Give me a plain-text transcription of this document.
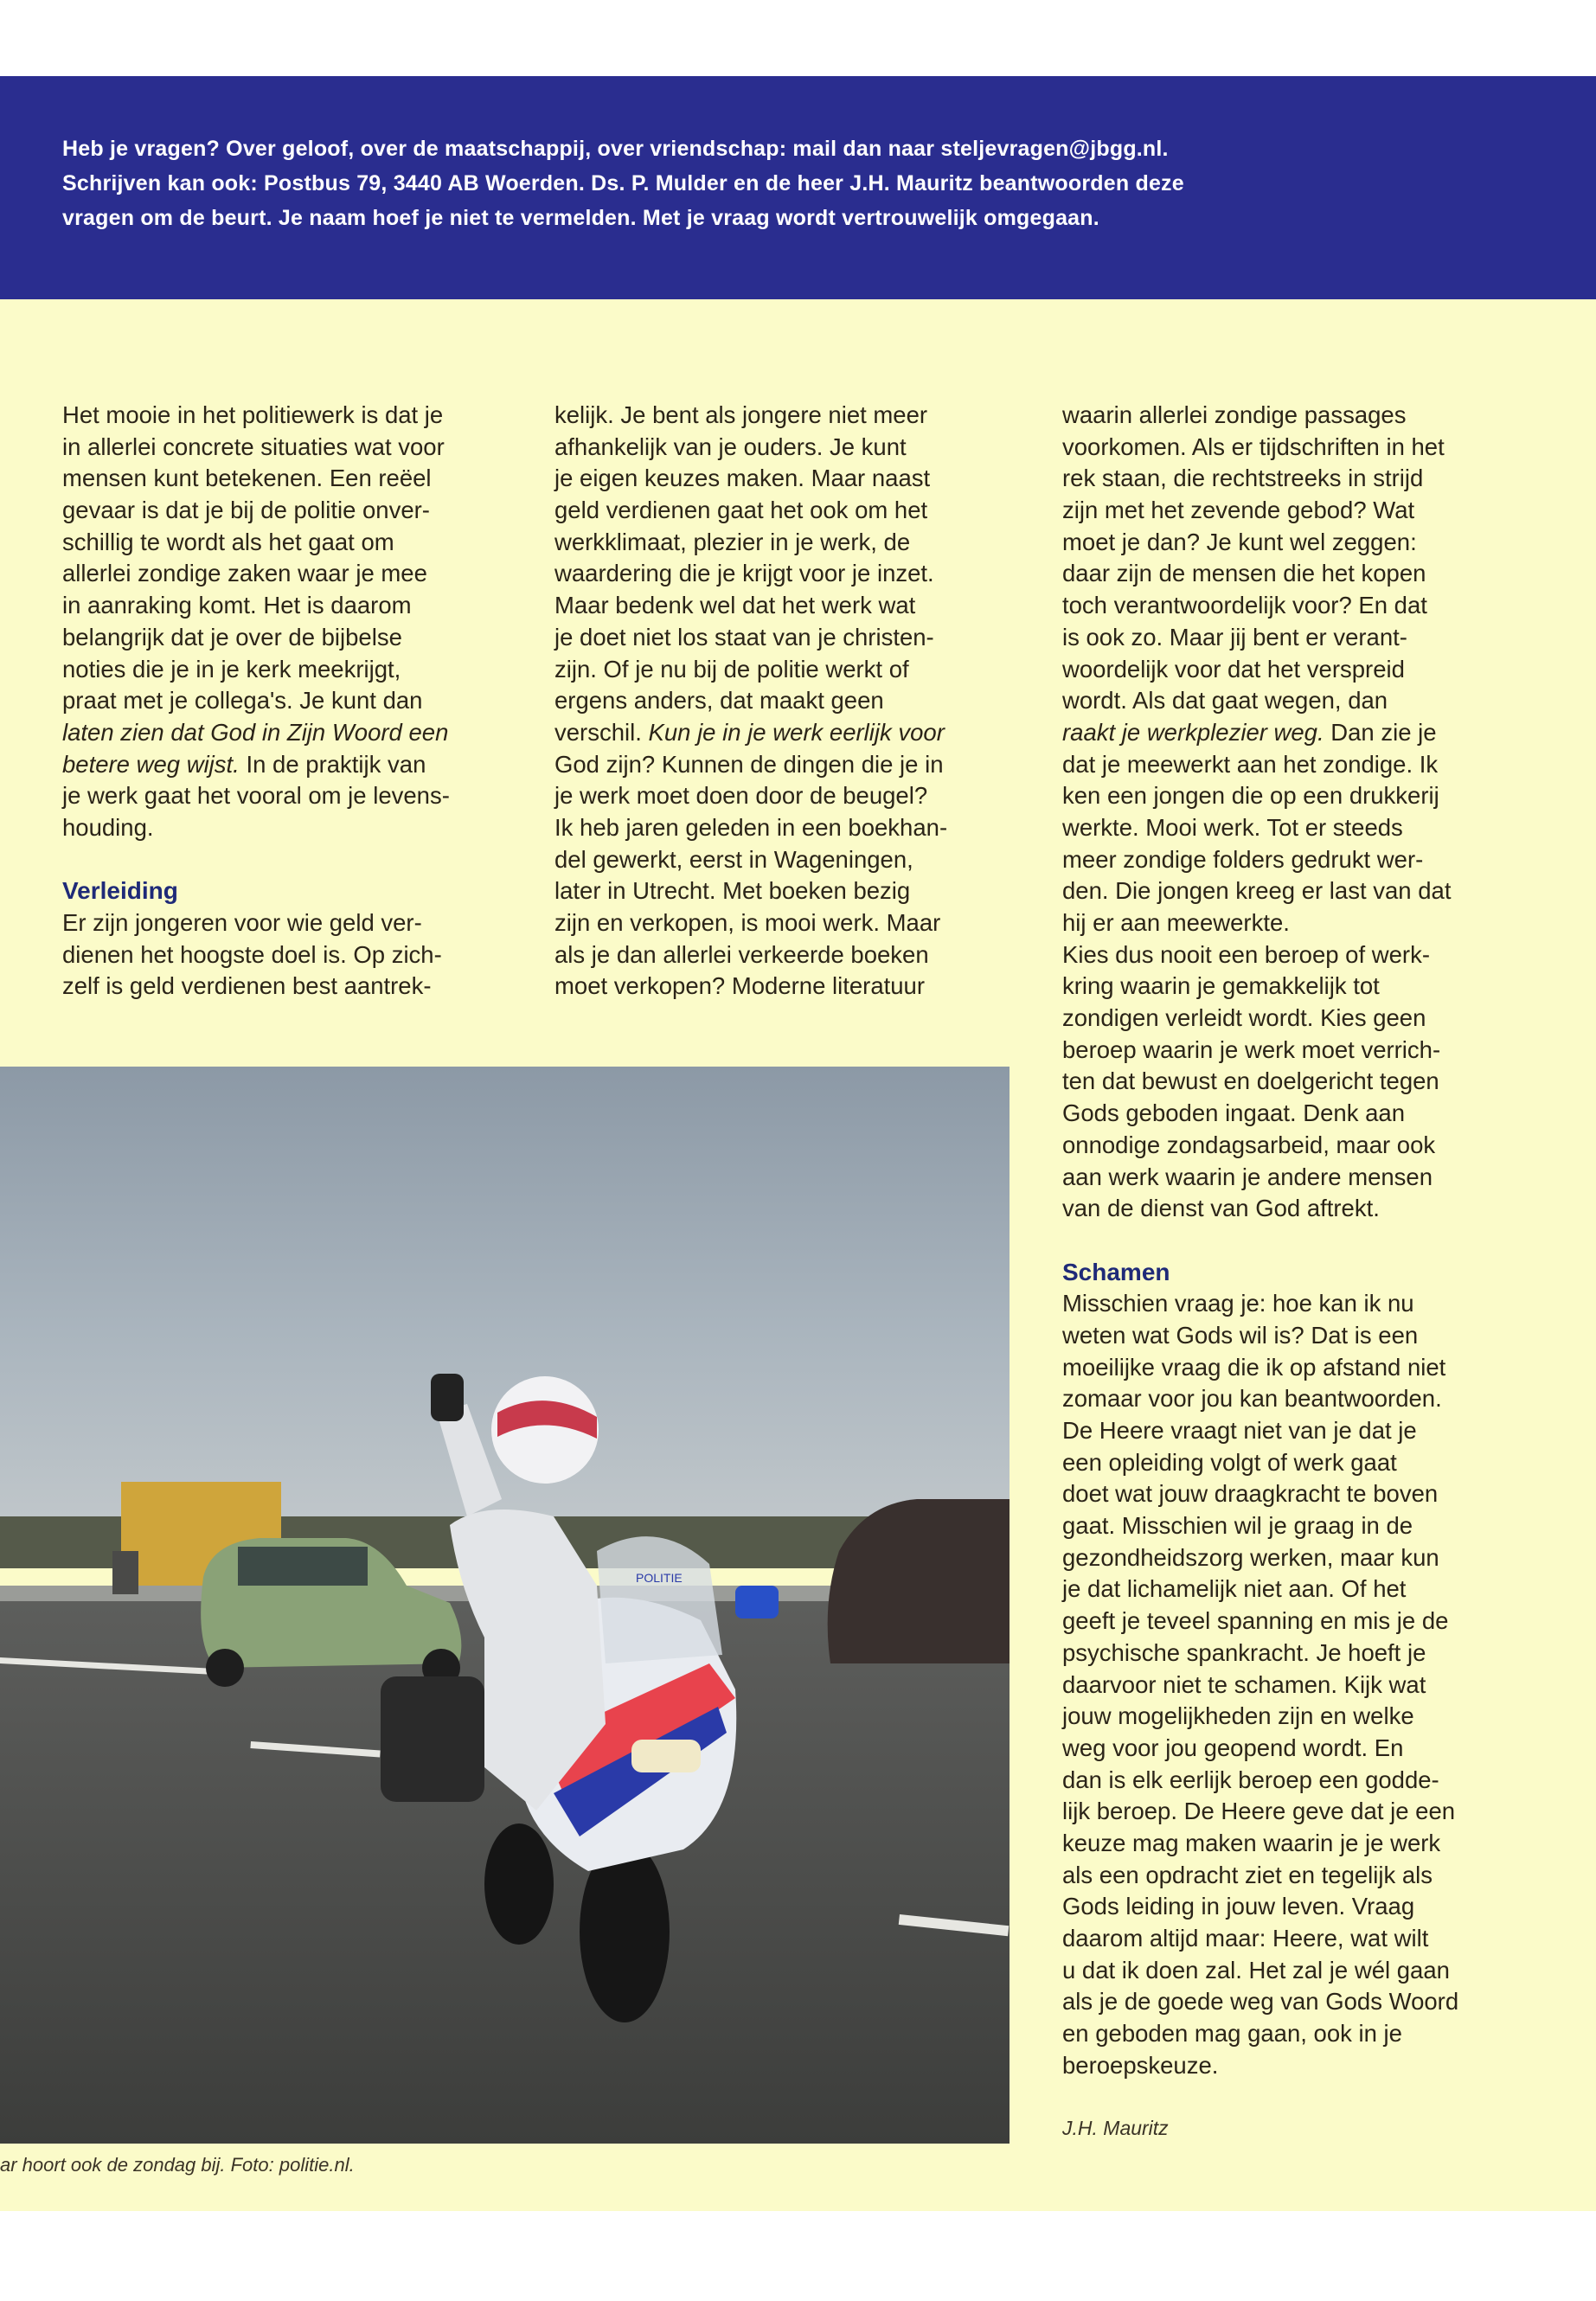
Heb je vragen? Over geloof, over de maatschappij, over vriendschap: mail dan naar steljevragen@jbgg.nl.
Schrijven kan ook: Postbus 79, 3440 AB Woerden. Ds. P. Mulder en de heer J.H. Mauritz beantwoorden deze
vragen om de beurt. Je naam hoef je niet te vermelden. Met je vraag wordt vertrouwelijk omgegaan.
Het mooie in het politiewerk is dat je
in allerlei concrete situaties wat voor
mensen kunt betekenen. Een reëel
gevaar is dat je bij de politie onver-
schillig te wordt als het gaat om
allerlei zondige zaken waar je mee
in aanraking komt. Het is daarom
belangrijk dat je over de bijbelse
noties die je in je kerk meekrijgt,
praat met je collega's. Je kunt dan
laten zien dat God in Zijn Woord een
betere weg wijst. In de praktijk van
je werk gaat het vooral om je levens-
houding.
Verleiding
Er zijn jongeren voor wie geld ver-
dienen het hoogste doel is. Op zich-
zelf is geld verdienen best aantrek-
kelijk. Je bent als jongere niet meer
afhankelijk van je ouders. Je kunt
je eigen keuzes maken. Maar naast
geld verdienen gaat het ook om het
werkklimaat, plezier in je werk, de
waardering die je krijgt voor je inzet.
Maar bedenk wel dat het werk wat
je doet niet los staat van je christen-
zijn. Of je nu bij de politie werkt of
ergens anders, dat maakt geen
verschil. Kun je in je werk eerlijk voor
God zijn? Kunnen de dingen die je in
je werk moet doen door de beugel?
Ik heb jaren geleden in een boekhan-
del gewerkt, eerst in Wageningen,
later in Utrecht. Met boeken bezig
zijn en verkopen, is mooi werk. Maar
als je dan allerlei verkeerde boeken
moet verkopen? Moderne literatuur
waarin allerlei zondige passages
voorkomen. Als er tijdschriften in het
rek staan, die rechtstreeks in strijd
zijn met het zevende gebod? Wat
moet je dan? Je kunt wel zeggen:
daar zijn de mensen die het kopen
toch verantwoordelijk voor? En dat
is ook zo. Maar jij bent er verant-
woordelijk voor dat het verspreid
wordt. Als dat gaat wegen, dan
raakt je werkplezier weg. Dan zie je
dat je meewerkt aan het zondige. Ik
ken een jongen die op een drukkerij
werkte. Mooi werk. Tot er steeds
meer zondige folders gedrukt wer-
den. Die jongen kreeg er last van dat
hij er aan meewerkte.
Kies dus nooit een beroep of werk-
kring waarin je gemakkelijk tot
zondigen verleidt wordt. Kies geen
beroep waarin je werk moet verrich-
ten dat bewust en doelgericht tegen
Gods geboden ingaat. Denk aan
onnodige zondagsarbeid, maar ook
aan werk waarin je andere mensen
van de dienst van God aftrekt.
Schamen
Misschien vraag je: hoe kan ik nu
weten wat Gods wil is? Dat is een
moeilijke vraag die ik op afstand niet
zomaar voor jou kan beantwoorden.
De Heere vraagt niet van je dat je
een opleiding volgt of werk gaat
doet wat jouw draagkracht te boven
gaat. Misschien wil je graag in de
gezondheidszorg werken, maar kun
je dat lichamelijk niet aan. Of het
geeft je teveel spanning en mis je de
psychische spankracht. Je hoeft je
daarvoor niet te schamen. Kijk wat
jouw mogelijkheden zijn en welke
weg voor jou geopend wordt. En
dan is elk eerlijk beroep een godde-
lijk beroep. De Heere geve dat je een
keuze mag maken waarin je je werk
als een opdracht ziet en tegelijk als
Gods leiding in jouw leven. Vraag
daarom altijd maar: Heere, wat wilt
u dat ik doen zal. Het zal je wél gaan
als je de goede weg van Gods Woord
en geboden mag gaan, ook in je
beroepskeuze.
J.H. Mauritz
POLITIE
ar hoort ook de zondag bij. Foto: politie.nl.
